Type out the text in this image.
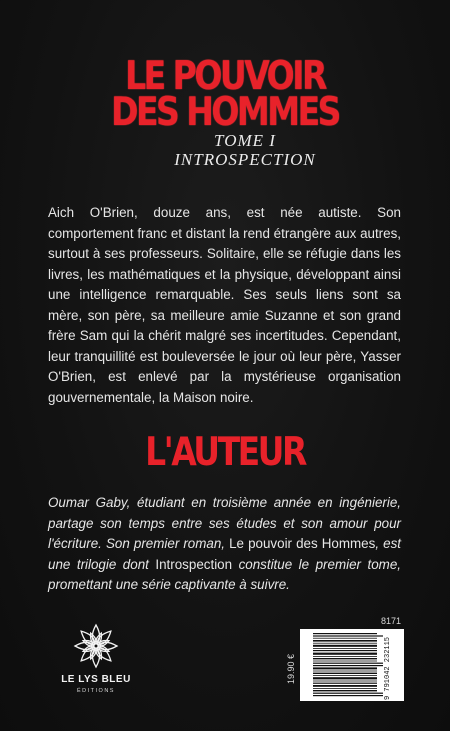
LE POUVOIR
DES HOMMES
TOME I
INTROSPECTION

Aich O'Brien, douze ans, est née autiste. Son comportement franc et distant la rend étrangère aux autres, surtout à ses professeurs. Solitaire, elle se réfugie dans les livres, les mathématiques et la physique, développant ainsi une intelligence remarquable. Ses seuls liens sont sa mère, son père, sa meilleure amie Suzanne et son grand frère Sam qui la chérit malgré ses incertitudes. Cependant, leur tranquillité est bouleversée le jour où leur père, Yasser O'Brien, est enlevé par la mystérieuse organisation gouvernementale, la Maison noire.

L'AUTEUR

Oumar Gaby, étudiant en troisième année en ingénierie, partage son temps entre ses études et son amour pour l'écriture. Son premier roman, Le pouvoir des Hommes, est une trilogie dont Introspection constitue le premier tome, promettant une série captivante à suivre.

LE LYS BLEU
ÉDITIONS
8171
19.90 €	9 791042 232115
